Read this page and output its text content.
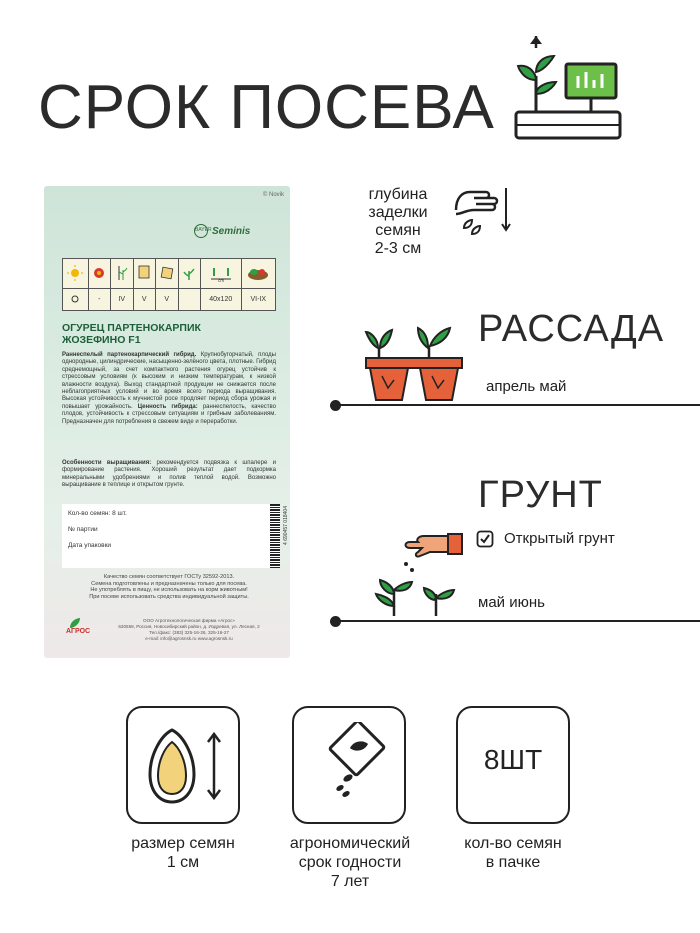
СРОК ПОСЕВА
© Novik
BAYER Seminis

cm

	-	IV	V	V		40x120	VI-IX
ОГУРЕЦ ПАРТЕНОКАРПИК
ЖОЗЕФИНО F1
Раннеспелый партенокарпический гибрид. Крупнобугорчатый, плоды однородные, цилиндрические, насыщенно-зелёного цвета, плотные. Гибрид среднемощный, за счет компактного растения огурец устойчив к стрессовым условиям (к высоким и низким температурам, к низкой влажности воздуха). Выход стандартной продукции не снижается после неблагоприятных условий и во время всего периода выращивания. Высокая устойчивость к мучнистой росе продляет период сбора урожая и повышает урожайность. Ценность гибрида: раннеспелость, качество плодов, устойчивость к стрессовым ситуациям и грибным заболеваниям. Предназначен для потребления в свежем виде и переработки.
Особенности выращивания: рекомендуется подвязка к шпалере и формирование растения. Хороший результат дает подкормка минеральными удобрениями и полив теплой водой. Возможно выращивание в теплице и открытом грунте.
Кол-во семян: 8 шт.
№ партии
Дата упаковки
4 690457 018404
Качество семян соответствует ГОСТу 32592-2013.
Семена подготовлены и предназначены только для посева.
Не употреблять в пищу, не использовать на корм животным!
При посеве использовать средства индивидуальной защиты.
АГРОС
ООО Агротехнологическая фирма «Агрос»
630558, Россия, Новосибирский район, д. Издревая, ул. Лесная, 2
Тел./факс: (383) 325-16-26, 325-16-27
e-mail: info@agrosnsk.ru www.agrosnsk.ru
глубина
заделки
семян
2-3 см
РАССАДА
апрель май
ГРУНТ
Открытый грунт
май июнь
размер семян
1 см
агрономический
срок годности
7 лет
8ШТ
кол-во семян
в пачке
